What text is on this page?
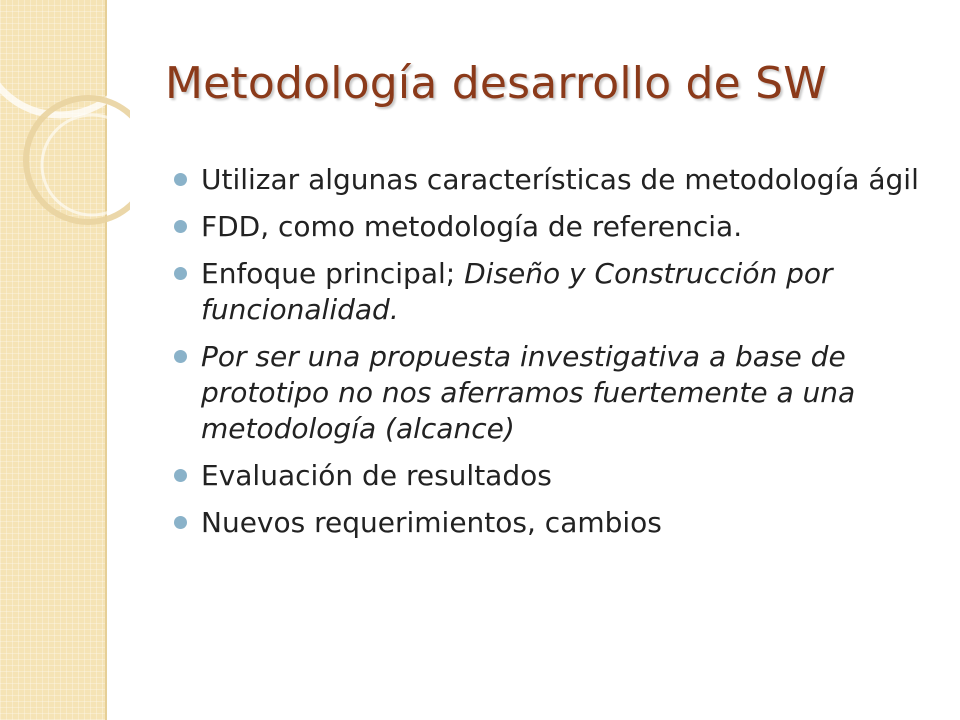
Metodología desarrollo de SW
Utilizar algunas características de metodología ágil
FDD, como metodología de referencia.
Enfoque principal; Diseño y Construcción por funcionalidad.
Por ser una propuesta investigativa a base de prototipo no nos aferramos fuertemente a una metodología (alcance)
Evaluación de resultados
Nuevos requerimientos, cambios
